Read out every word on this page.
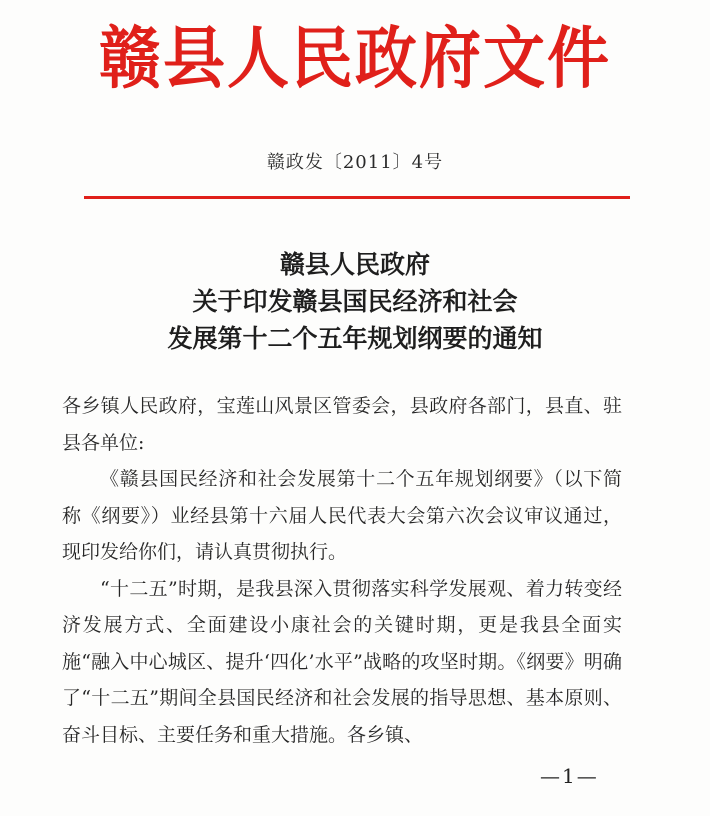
赣县人民政府文件
赣政发〔2011〕4号
赣县人民政府
关于印发赣县国民经济和社会
发展第十二个五年规划纲要的通知

各乡镇人民政府，宝莲山风景区管委会，县政府各部门，县直、驻县各单位:

《赣县国民经济和社会发展第十二个五年规划纲要》（以下简称《纲要》）业经县第十六届人民代表大会第六次会议审议通过，现印发给你们，请认真贯彻执行。

“十二五”时期，是我县深入贯彻落实科学发展观、着力转变经济发展方式、全面建设小康社会的关键时期，更是我县全面实施“融入中心城区、提升‘四化’水平”战略的攻坚时期。《纲要》明确了“十二五”期间全县国民经济和社会发展的指导思想、基本原则、奋斗目标、主要任务和重大措施。各乡镇、

—1—
